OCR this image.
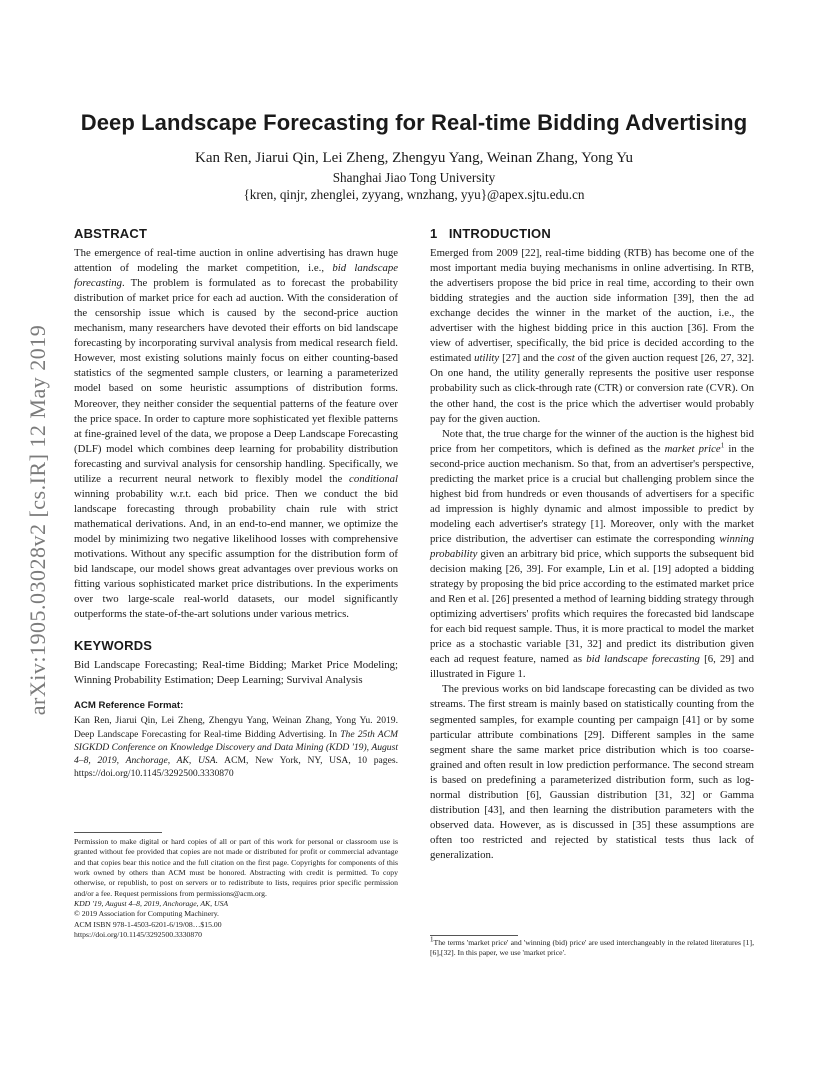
arXiv:1905.03028v2 [cs.IR] 12 May 2019
Deep Landscape Forecasting for Real-time Bidding Advertising
Kan Ren, Jiarui Qin, Lei Zheng, Zhengyu Yang, Weinan Zhang, Yong Yu
Shanghai Jiao Tong University
{kren, qinjr, zhenglei, zyyang, wnzhang, yyu}@apex.sjtu.edu.cn
ABSTRACT

The emergence of real-time auction in online advertising has drawn huge attention of modeling the market competition, i.e., bid landscape forecasting. The problem is formulated as to forecast the probability distribution of market price for each ad auction. With the consideration of the censorship issue which is caused by the second-price auction mechanism, many researchers have devoted their efforts on bid landscape forecasting by incorporating survival analysis from medical research field. However, most existing solutions mainly focus on either counting-based statistics of the segmented sample clusters, or learning a parameterized model based on some heuristic assumptions of distribution forms. Moreover, they neither consider the sequential patterns of the feature over the price space. In order to capture more sophisticated yet flexible patterns at fine-grained level of the data, we propose a Deep Landscape Forecasting (DLF) model which combines deep learning for probability distribution forecasting and survival analysis for censorship handling. Specifically, we utilize a recurrent neural network to flexibly model the conditional winning probability w.r.t. each bid price. Then we conduct the bid landscape forecasting through probability chain rule with strict mathematical derivations. And, in an end-to-end manner, we optimize the model by minimizing two negative likelihood losses with comprehensive motivations. Without any specific assumption for the distribution form of bid landscape, our model shows great advantages over previous works on fitting various sophisticated market price distributions. In the experiments over two large-scale real-world datasets, our model significantly outperforms the state-of-the-art solutions under various metrics.

KEYWORDS

Bid Landscape Forecasting; Real-time Bidding; Market Price Modeling; Winning Probability Estimation; Deep Learning; Survival Analysis

ACM Reference Format:

Kan Ren, Jiarui Qin, Lei Zheng, Zhengyu Yang, Weinan Zhang, Yong Yu. 2019. Deep Landscape Forecasting for Real-time Bidding Advertising. In The 25th ACM SIGKDD Conference on Knowledge Discovery and Data Mining (KDD '19), August 4–8, 2019, Anchorage, AK, USA. ACM, New York, NY, USA, 10 pages. https://doi.org/10.1145/3292500.3330870

Permission to make digital or hard copies of all or part of this work for personal or classroom use is granted without fee provided that copies are not made or distributed for profit or commercial advantage and that copies bear this notice and the full citation on the first page. Copyrights for components of this work owned by others than ACM must be honored. Abstracting with credit is permitted. To copy otherwise, or republish, to post on servers or to redistribute to lists, requires prior specific permission and/or a fee. Request permissions from permissions@acm.org.
KDD '19, August 4–8, 2019, Anchorage, AK, USA
© 2019 Association for Computing Machinery.
ACM ISBN 978-1-4503-6201-6/19/08…$15.00
https://doi.org/10.1145/3292500.3330870
1   INTRODUCTION

Emerged from 2009 [22], real-time bidding (RTB) has become one of the most important media buying mechanisms in online advertising. In RTB, the advertisers propose the bid price in real time, according to their own bidding strategies and the auction side information [39], then the ad exchange decides the winner in the market of the auction, i.e., the advertiser with the highest bidding price in this auction [36]. From the view of advertiser, specifically, the bid price is decided according to the estimated utility [27] and the cost of the given auction request [26, 27, 32]. On one hand, the utility generally represents the positive user response probability such as click-through rate (CTR) or conversion rate (CVR). On the other hand, the cost is the price which the advertiser would probably pay for the given auction.

Note that, the true charge for the winner of the auction is the highest bid price from her competitors, which is defined as the market price$^1$ in the second-price auction mechanism. So that, from an advertiser's perspective, predicting the market price is a crucial but challenging problem since the highest bid from hundreds or even thousands of advertisers for a specific ad impression is highly dynamic and almost impossible to predict by modeling each advertiser's strategy [1]. Moreover, only with the market price distribution, the advertiser can estimate the corresponding winning probability given an arbitrary bid price, which supports the subsequent bid decision making [26, 39]. For example, Lin et al. [19] adopted a bidding strategy by proposing the bid price according to the estimated market price and Ren et al. [26] presented a method of learning bidding strategy through optimizing advertisers' profits which requires the forecasted bid landscape for each bid request sample. Thus, it is more practical to model the market price as a stochastic variable [31, 32] and predict its distribution given each ad request feature, named as bid landscape forecasting [6, 29] and illustrated in Figure 1.

The previous works on bid landscape forecasting can be divided as two streams. The first stream is mainly based on statistically counting from the segmented samples, for example counting per campaign [41] or by some particular attribute combinations [29]. Different samples in the same segment share the same market price distribution which is too coarse-grained and often result in low prediction performance. The second stream is based on predefining a parameterized distribution form, such as log-normal distribution [6], Gaussian distribution [31, 32] or Gamma distribution [43], and then learning the distribution parameters with the observed data. However, as is discussed in [35] these assumptions are often too restricted and rejected by statistical tests thus lack of generalization.

$^1$The terms 'market price' and 'winning (bid) price' are used interchangeably in the related literatures [1],[6],[32]. In this paper, we use 'market price'.
